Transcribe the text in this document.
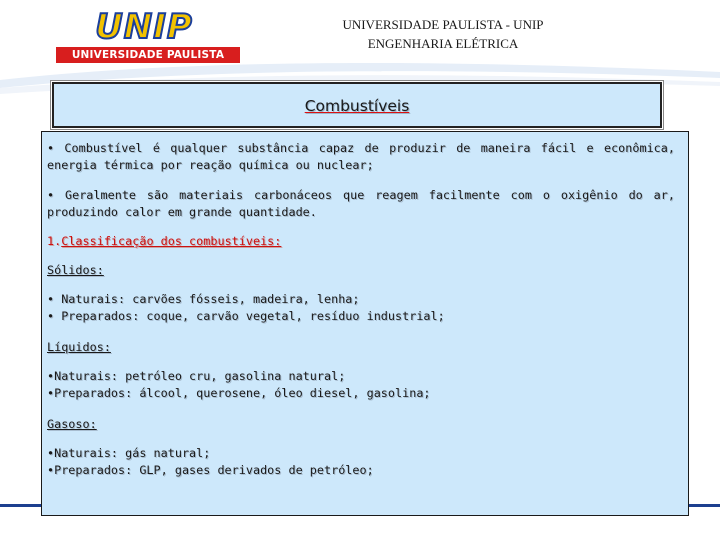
UNIP
UNIVERSIDADE PAULISTA
UNIVERSIDADE PAULISTA - UNIP
ENGENHARIA ELÉTRICA
Combustíveis

• Combustível é qualquer substância capaz de produzir de maneira fácil e econômica, energia térmica por reação química ou nuclear;

• Geralmente são materiais carbonáceos que reagem facilmente com o oxigênio do ar, produzindo calor em grande quantidade.

1.Classificação dos combustíveis:

Sólidos:

• Naturais: carvões fósseis, madeira, lenha;

• Preparados: coque, carvão vegetal, resíduo industrial;

Líquidos:

•Naturais: petróleo cru, gasolina natural;

•Preparados: álcool, querosene, óleo diesel, gasolina;

Gasoso:

•Naturais: gás natural;

•Preparados: GLP, gases derivados de petróleo;
